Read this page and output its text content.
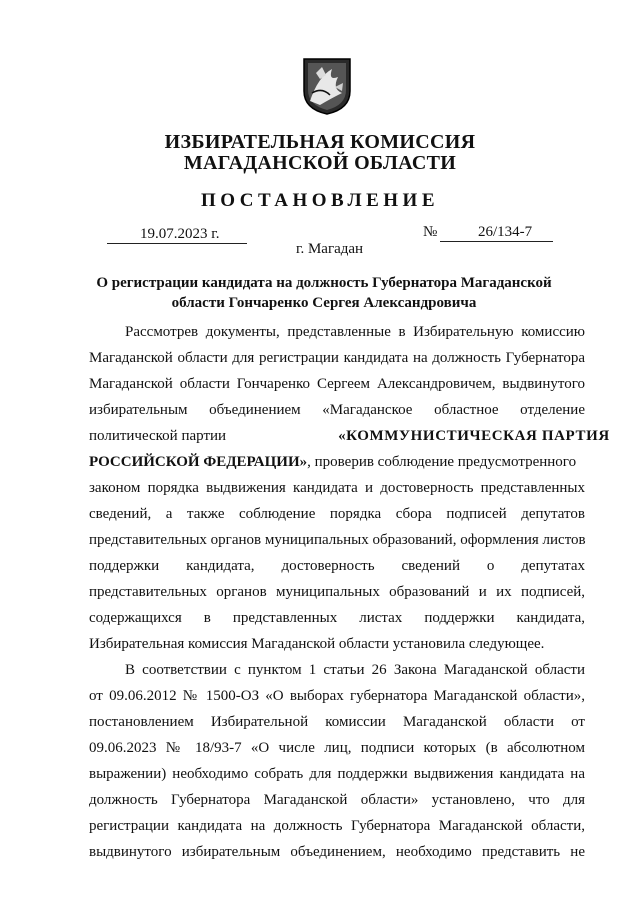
ИЗБИРАТЕЛЬНАЯ КОМИССИЯ
МАГАДАНСКОЙ ОБЛАСТИ
ПОСТАНОВЛЕНИЕ
19.07.2023 г.	№	26/134-7
г. Магадан
О регистрации кандидата на должность Губернатора Магаданской
области Гончаренко Сергея Александровича
Рассмотрев документы, представленные в Избирательную комиссию
Магаданской области для регистрации кандидата на должность Губернатора
Магаданской области Гончаренко Сергеем Александровичем, выдвинутого
избирательным объединением «Магаданское областное отделение
политической партии	«КОММУНИСТИЧЕСКАЯ ПАРТИЯ
РОССИЙСКОЙ ФЕДЕРАЦИИ», проверив соблюдение предусмотренного
законом порядка выдвижения кандидата и достоверность представленных
сведений, а также соблюдение порядка сбора подписей депутатов
представительных органов муниципальных образований, оформления листов
поддержки кандидата, достоверность сведений о депутатах
представительных органов муниципальных образований и их подписей,
содержащихся в представленных листах поддержки кандидата,
Избирательная комиссия Магаданской области установила следующее.
В соответствии с пунктом 1 статьи 26 Закона Магаданской области
от 09.06.2012 № 1500-ОЗ «О выборах губернатора Магаданской области»,
постановлением Избирательной комиссии Магаданской области от
09.06.2023 № 18/93-7 «О числе лиц, подписи которых (в абсолютном
выражении) необходимо собрать для поддержки выдвижения кандидата на
должность Губернатора Магаданской области» установлено, что для
регистрации кандидата на должность Губернатора Магаданской области,
выдвинутого избирательным объединением, необходимо представить не
